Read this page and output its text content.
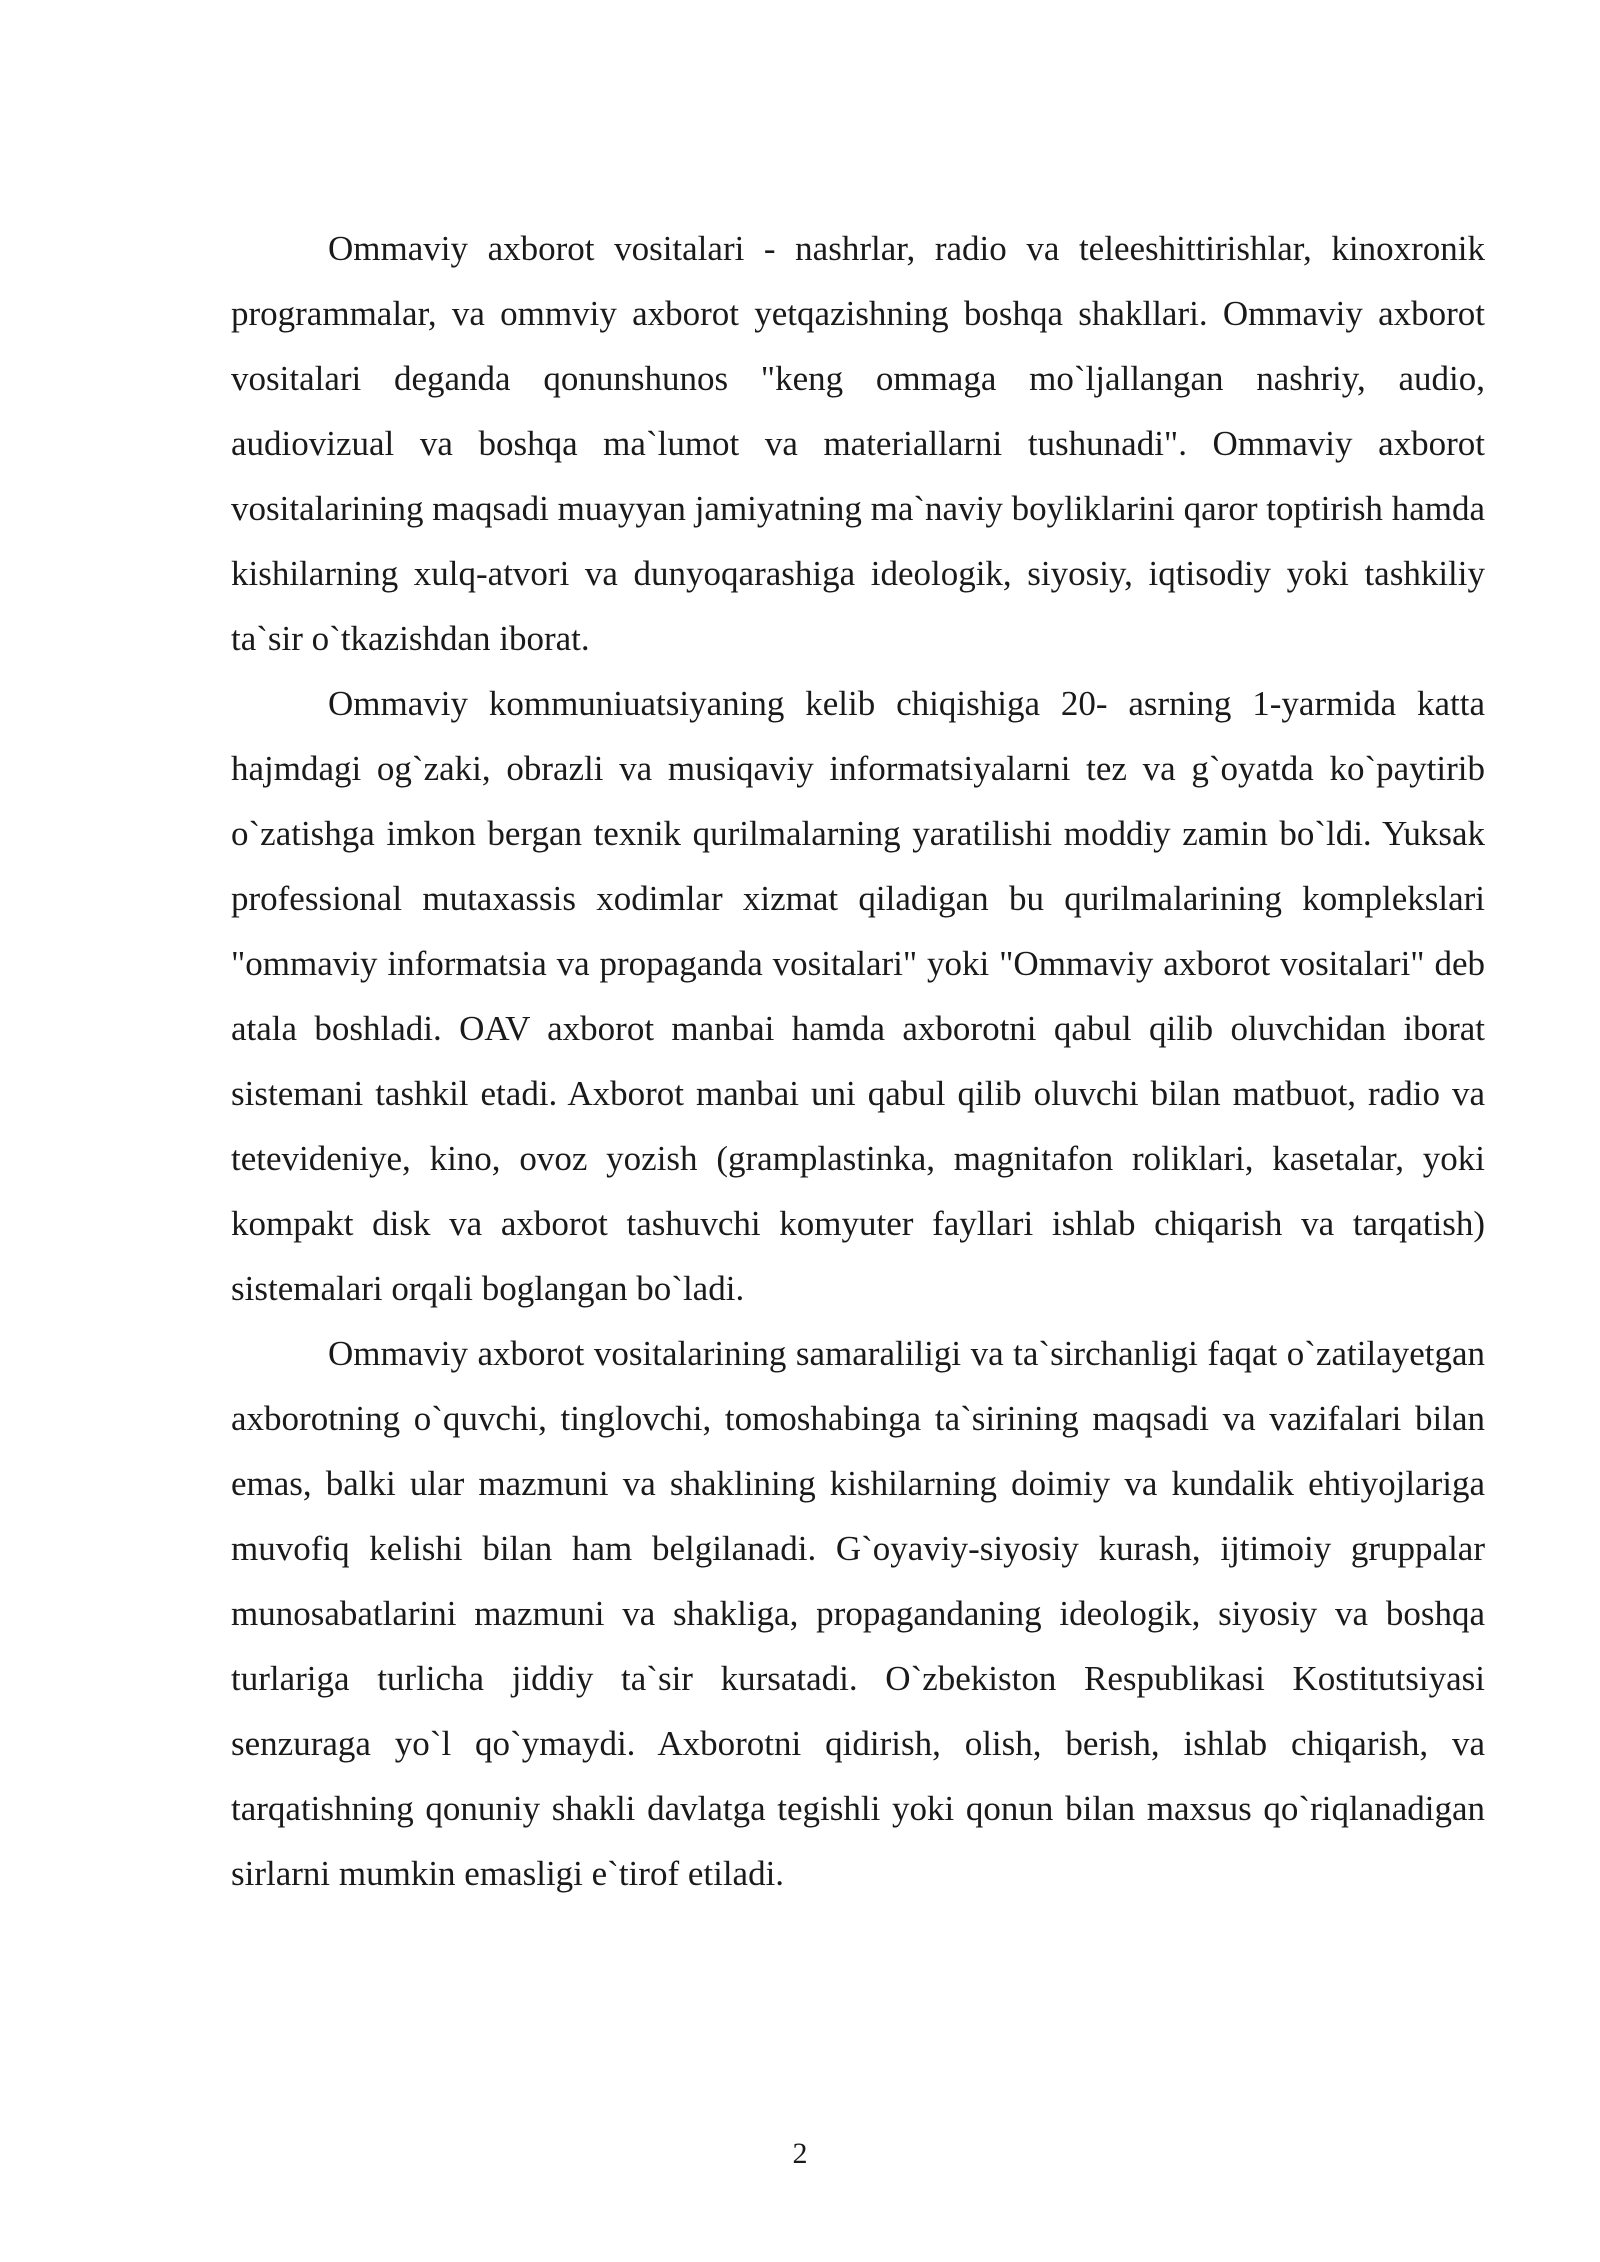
Ommaviy axborot vositalari - nashrlar, radio va teleeshittirishlar, kinoxronik programmalar, va ommviy axborot yetqazishning boshqa shakllari. Ommaviy axborot vositalari deganda qonunshunos "keng ommaga mo`ljallangan nashriy, audio, audiovizual va boshqa ma`lumot va materiallarni tushunadi". Ommaviy axborot vositalarining maqsadi muayyan jamiyatning ma`naviy boyliklarini qaror toptirish hamda kishilarning xulq-atvori va dunyoqarashiga ideologik, siyosiy, iqtisodiy yoki tashkiliy ta`sir o`tkazishdan iborat.

Ommaviy kommuniuatsiyaning kelib chiqishiga 20- asrning 1-yarmida katta hajmdagi og`zaki, obrazli va musiqaviy informatsiyalarni tez va g`oyatda ko`paytirib o`zatishga imkon bergan texnik qurilmalarning yaratilishi moddiy zamin bo`ldi. Yuksak professional mutaxassis xodimlar xizmat qiladigan bu qurilmalarining komplekslari "ommaviy informatsia va propaganda vositalari" yoki "Ommaviy axborot vositalari" deb atala boshladi. OAV axborot manbai hamda axborotni qabul qilib oluvchidan iborat sistemani tashkil etadi. Axborot manbai uni qabul qilib oluvchi bilan matbuot, radio va tetevideniye, kino, ovoz yozish (gramplastinka, magnitafon roliklari, kasetalar, yoki kompakt disk va axborot tashuvchi komyuter fayllari ishlab chiqarish va tarqatish) sistemalari orqali boglangan bo`ladi.

Ommaviy axborot vositalarining samaraliligi va ta`sirchanligi faqat o`zatilayetgan axborotning o`quvchi, tinglovchi, tomoshabinga ta`sirining maqsadi va vazifalari bilan emas, balki ular mazmuni va shaklining kishilarning doimiy va kundalik ehtiyojlariga muvofiq kelishi bilan ham belgilanadi. G`oyaviy-siyosiy kurash, ijtimoiy gruppalar munosabatlarini mazmuni va shakliga, propagandaning ideologik, siyosiy va boshqa turlariga turlicha jiddiy ta`sir kursatadi. O`zbekiston Respublikasi Kostitutsiyasi senzuraga yo`l qo`ymaydi. Axborotni qidirish, olish, berish, ishlab chiqarish, va tarqatishning qonuniy shakli davlatga tegishli yoki qonun bilan maxsus qo`riqlanadigan sirlarni mumkin emasligi e`tirof etiladi.

2
